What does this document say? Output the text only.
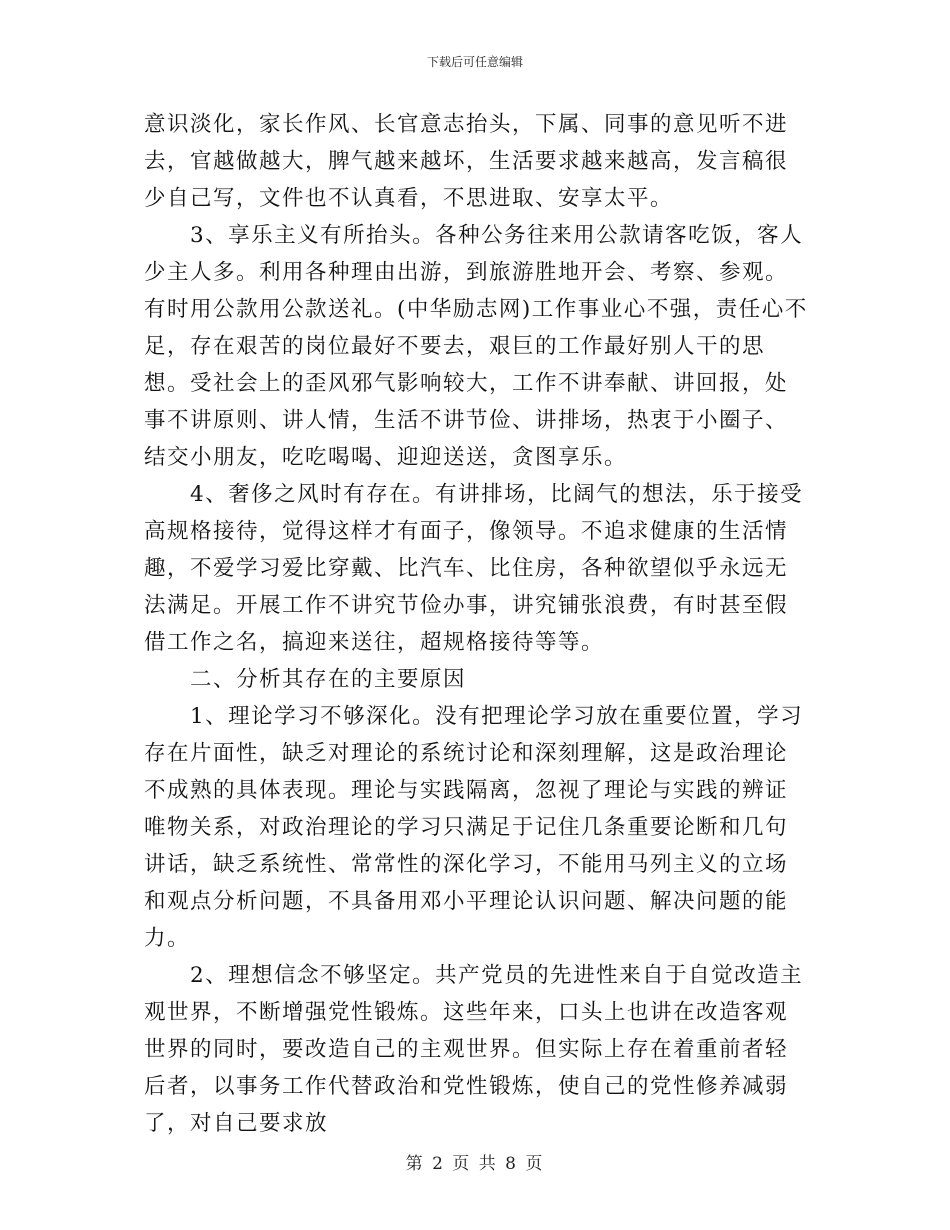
下载后可任意编辑

意识淡化，家长作风、长官意志抬头，下属、同事的意见听不进去，官越做越大，脾气越来越坏，生活要求越来越高，发言稿很少自己写，文件也不认真看，不思进取、安享太平。

3、享乐主义有所抬头。各种公务往来用公款请客吃饭，客人少主人多。利用各种理由出游，到旅游胜地开会、考察、参观。有时用公款用公款送礼。(中华励志网)工作事业心不强，责任心不足，存在艰苦的岗位最好不要去，艰巨的工作最好别人干的思想。受社会上的歪风邪气影响较大，工作不讲奉献、讲回报，处事不讲原则、讲人情，生活不讲节俭、讲排场，热衷于小圈子、结交小朋友，吃吃喝喝、迎迎送送，贪图享乐。

4、奢侈之风时有存在。有讲排场，比阔气的想法，乐于接受高规格接待，觉得这样才有面子，像领导。不追求健康的生活情趣，不爱学习爱比穿戴、比汽车、比住房，各种欲望似乎永远无法满足。开展工作不讲究节俭办事，讲究铺张浪费，有时甚至假借工作之名，搞迎来送往，超规格接待等等。

二、分析其存在的主要原因

1、理论学习不够深化。没有把理论学习放在重要位置，学习存在片面性，缺乏对理论的系统讨论和深刻理解，这是政治理论不成熟的具体表现。理论与实践隔离，忽视了理论与实践的辨证唯物关系，对政治理论的学习只满足于记住几条重要论断和几句讲话，缺乏系统性、常常性的深化学习，不能用马列主义的立场和观点分析问题，不具备用邓小平理论认识问题、解决问题的能力。

2、理想信念不够坚定。共产党员的先进性来自于自觉改造主观世界，不断增强党性锻炼。这些年来，口头上也讲在改造客观世界的同时，要改造自己的主观世界。但实际上存在着重前者轻后者，以事务工作代替政治和党性锻炼，使自己的党性修养减弱了，对自己要求放

第 2 页 共 8 页
